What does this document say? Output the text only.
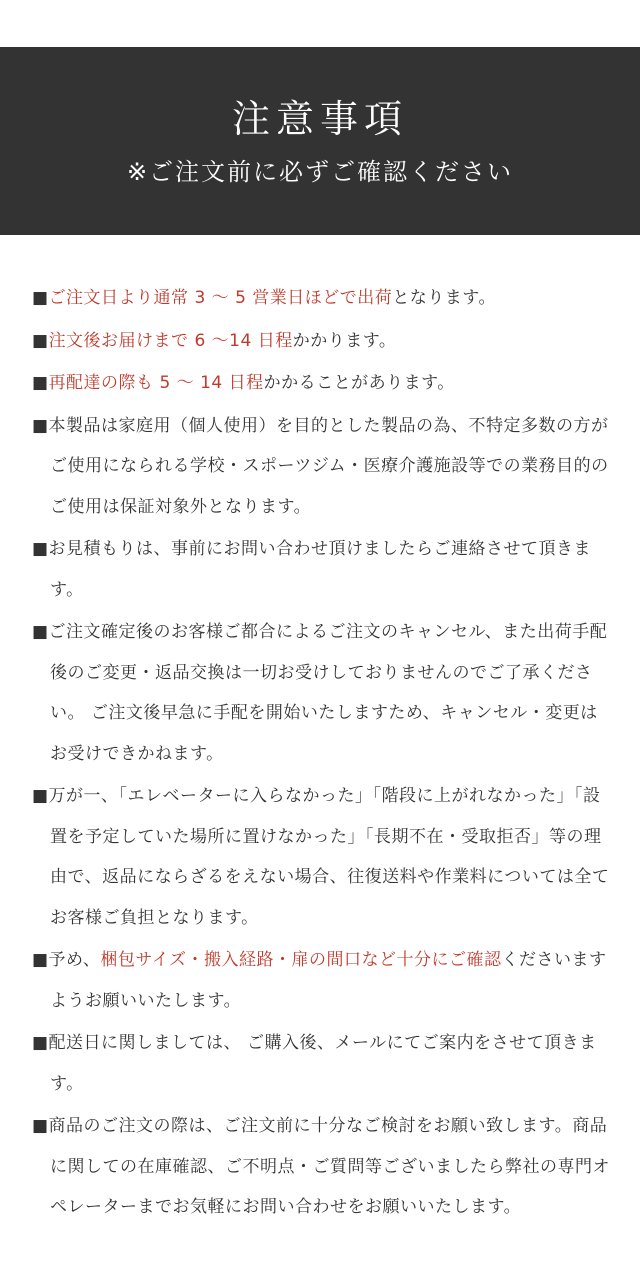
注意事項
※ご注文前に必ずご確認ください
■ご注文日より通常 3 〜 5 営業日ほどで出荷となります。
■注文後お届けまで 6 〜14 日程かかります。
■再配達の際も 5 〜 14 日程かかることがあります。
■本製品は家庭用（個人使用）を目的とした製品の為、不特定多数の方がご使用になられる学校・スポーツジム・医療介護施設等での業務目的のご使用は保証対象外となります。
■お見積もりは、事前にお問い合わせ頂けましたらご連絡させて頂きます。
■ご注文確定後のお客様ご都合によるご注文のキャンセル、また出荷手配後のご変更・返品交換は一切お受けしておりませんのでご了承ください。 ご注文後早急に手配を開始いたしますため、キャンセル・変更はお受けできかねます。
■万が一、「エレベーターに入らなかった」「階段に上がれなかった」「設置を予定していた場所に置けなかった」「長期不在・受取拒否」等の理由で、返品にならざるをえない場合、往復送料や作業料については全てお客様ご負担となります。
■予め、梱包サイズ・搬入経路・扉の間口など十分にご確認くださいますようお願いいたします。
■配送日に関しましては、 ご購入後、メールにてご案内をさせて頂きます。
■商品のご注文の際は、ご注文前に十分なご検討をお願い致します。商品に関しての在庫確認、ご不明点・ご質問等ございましたら弊社の専門オペレーターまでお気軽にお問い合わせをお願いいたします。
